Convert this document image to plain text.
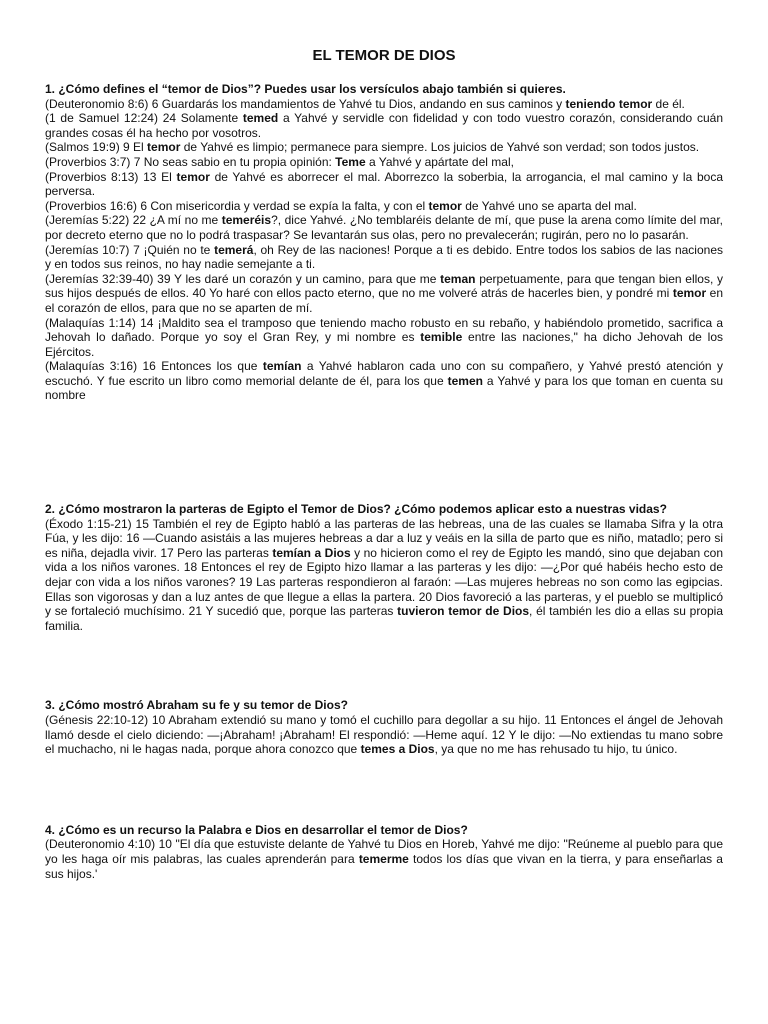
EL TEMOR DE DIOS

1. ¿Cómo defines el “temor de Dios”? Puedes usar los versículos abajo también si quieres.

(Deuteronomio 8:6) 6 Guardarás los mandamientos de Yahvé tu Dios, andando en sus caminos y teniendo temor de él.

(1 de Samuel 12:24) 24 Solamente temed a Yahvé y servidle con fidelidad y con todo vuestro corazón, considerando cuán grandes cosas él ha hecho por vosotros.

(Salmos 19:9) 9 El temor de Yahvé es limpio; permanece para siempre. Los juicios de Yahvé son verdad; son todos justos.

(Proverbios 3:7) 7 No seas sabio en tu propia opinión: Teme a Yahvé y apártate del mal,

(Proverbios 8:13) 13 El temor de Yahvé es aborrecer el mal. Aborrezco la soberbia, la arrogancia, el mal camino y la boca perversa.

(Proverbios 16:6) 6 Con misericordia y verdad se expía la falta, y con el temor de Yahvé uno se aparta del mal.

(Jeremías 5:22) 22 ¿A mí no me temeréis?, dice Yahvé. ¿No temblaréis delante de mí, que puse la arena como límite del mar, por decreto eterno que no lo podrá traspasar? Se levantarán sus olas, pero no prevalecerán; rugirán, pero no lo pasarán.

(Jeremías 10:7) 7 ¡Quién no te temerá, oh Rey de las naciones! Porque a ti es debido. Entre todos los sabios de las naciones y en todos sus reinos, no hay nadie semejante a ti.

(Jeremías 32:39-40) 39 Y les daré un corazón y un camino, para que me teman perpetuamente, para que tengan bien ellos, y sus hijos después de ellos. 40 Yo haré con ellos pacto eterno, que no me volveré atrás de hacerles bien, y pondré mi temor en el corazón de ellos, para que no se aparten de mí.

(Malaquías 1:14) 14 ¡Maldito sea el tramposo que teniendo macho robusto en su rebaño, y habiéndolo prometido, sacrifica a Jehovah lo dañado. Porque yo soy el Gran Rey, y mi nombre es temible entre las naciones," ha dicho Jehovah de los Ejércitos.

(Malaquías 3:16) 16 Entonces los que temían a Yahvé hablaron cada uno con su compañero, y Yahvé prestó atención y escuchó. Y fue escrito un libro como memorial delante de él, para los que temen a Yahvé y para los que toman en cuenta su nombre

2. ¿Cómo mostraron la parteras de Egipto el Temor de Dios? ¿Cómo podemos aplicar esto a nuestras vidas?

(Éxodo 1:15-21) 15 También el rey de Egipto habló a las parteras de las hebreas, una de las cuales se llamaba Sifra y la otra Fúa, y les dijo: 16 —Cuando asistáis a las mujeres hebreas a dar a luz y veáis en la silla de parto que es niño, matadlo; pero si es niña, dejadla vivir. 17 Pero las parteras temían a Dios y no hicieron como el rey de Egipto les mandó, sino que dejaban con vida a los niños varones. 18 Entonces el rey de Egipto hizo llamar a las parteras y les dijo: —¿Por qué habéis hecho esto de dejar con vida a los niños varones? 19 Las parteras respondieron al faraón: —Las mujeres hebreas no son como las egipcias. Ellas son vigorosas y dan a luz antes de que llegue a ellas la partera. 20 Dios favoreció a las parteras, y el pueblo se multiplicó y se fortaleció muchísimo. 21 Y sucedió que, porque las parteras tuvieron temor de Dios, él también les dio a ellas su propia familia.

3. ¿Cómo mostró Abraham su fe y su temor de Dios?

(Génesis 22:10-12) 10 Abraham extendió su mano y tomó el cuchillo para degollar a su hijo. 11 Entonces el ángel de Jehovah llamó desde el cielo diciendo: —¡Abraham! ¡Abraham! El respondió: —Heme aquí. 12 Y le dijo: —No extiendas tu mano sobre el muchacho, ni le hagas nada, porque ahora conozco que temes a Dios, ya que no me has rehusado tu hijo, tu único.

4. ¿Cómo es un recurso la Palabra e Dios en desarrollar el temor de Dios?

(Deuteronomio 4:10) 10 "El día que estuviste delante de Yahvé tu Dios en Horeb, Yahvé me dijo: "Reúneme al pueblo para que yo les haga oír mis palabras, las cuales aprenderán para temerme todos los días que vivan en la tierra, y para enseñarlas a sus hijos.'
